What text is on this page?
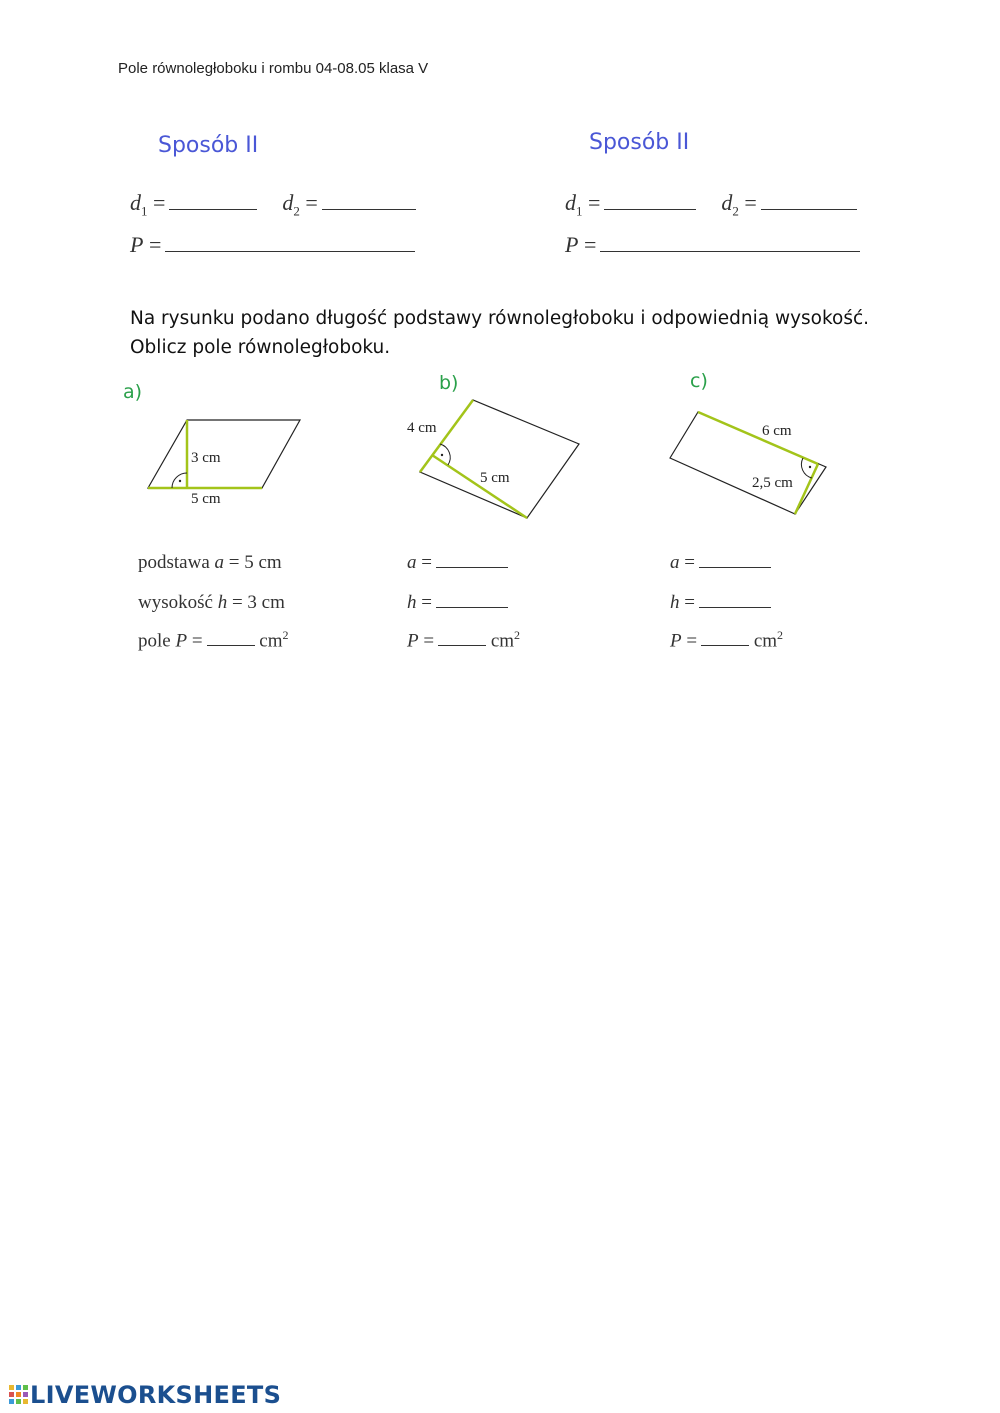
Pole równoległoboku i rombu 04-08.05 klasa V
Sposób II
$d_1$ =	$d_2$ =
P =
Sposób II
$d_1$ =	$d_2$ =
P =
Na rysunku podano długość podstawy równoległoboku i odpowiednią wysokość.
Oblicz pole równoległoboku.
a)	b)	c)
3 cm
5 cm
4 cm
5 cm
6 cm
2,5 cm
podstawa a = 5 cm
wysokość h = 3 cm
pole P =	$cm^2$
a =
h =
P =	$cm^2$
a =
h =
P =	$cm^2$
LIVEWORKSHEETS
